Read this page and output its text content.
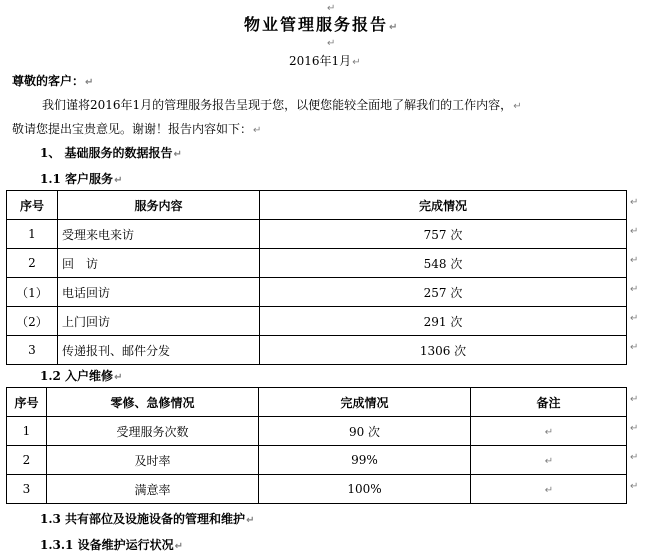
↵
物业管理服务报告↵
↵
2016年1月↵
尊敬的客户：↵
我们谨将2016年1月的管理服务报告呈现于您，以便您能较全面地了解我们的工作内容，↵
敬请您提出宝贵意见。谢谢！报告内容如下：↵
1、 基础服务的数据报告↵
1.1 客户服务↵
序号	服务内容	完成情况
1	受理来电来访	757 次
2	回　访	548 次
（1）	电话回访	257 次
（2）	上门回访	291 次
3	传递报刊、邮件分发	1306 次
↵
↵
↵
↵
↵
↵
1.2 入户维修↵
序号	零修、急修情况	完成情况	备注
1	受理服务次数	90 次	↵
2	及时率	99%	↵
3	满意率	100%	↵
↵
↵
↵
↵
1.3 共有部位及设施设备的管理和维护↵
1.3.1 设备维护运行状况↵
